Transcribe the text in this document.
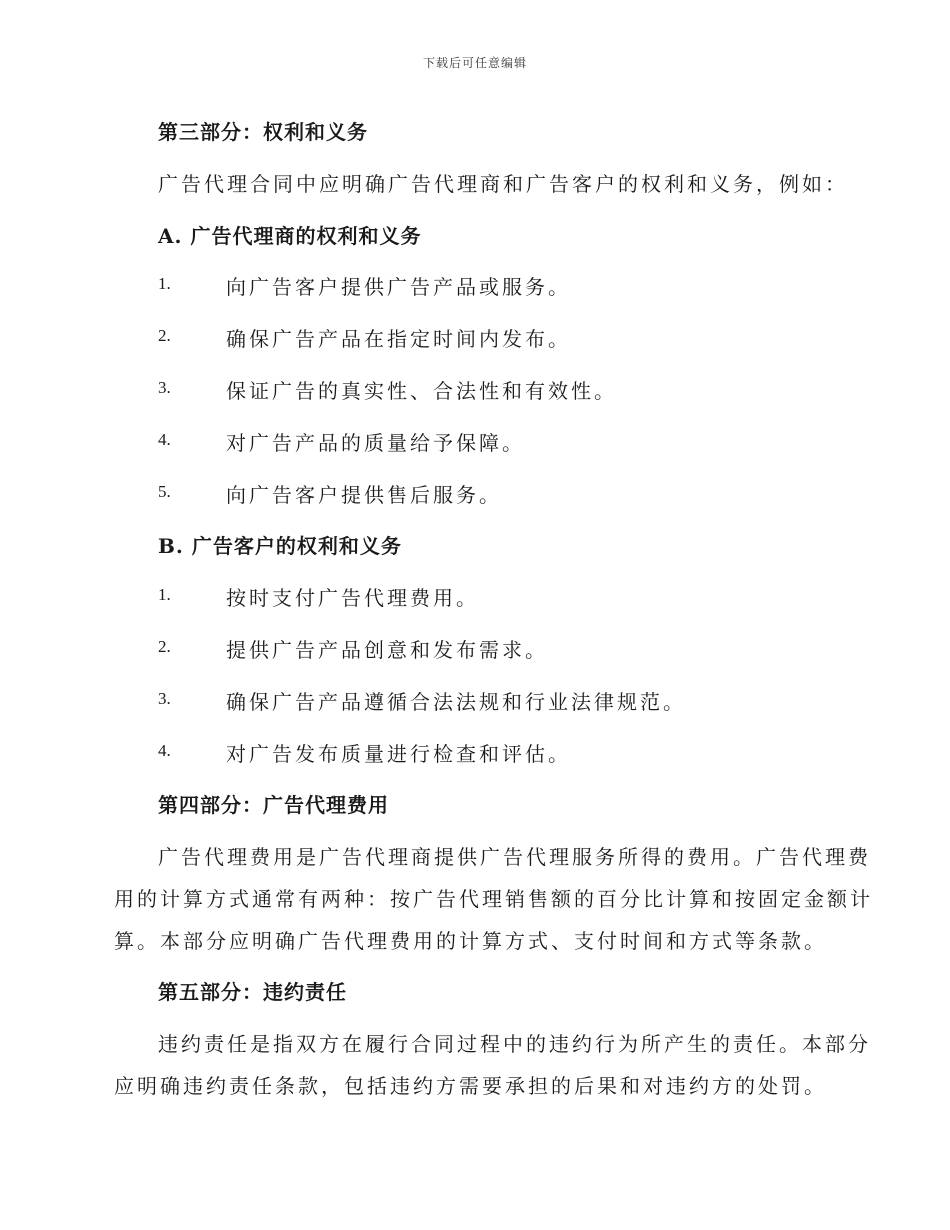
下载后可任意编辑
第三部分：权利和义务
广告代理合同中应明确广告代理商和广告客户的权利和义务，例如：
A. 广告代理商的权利和义务
1.	向广告客户提供广告产品或服务。
2.	确保广告产品在指定时间内发布。
3.	保证广告的真实性、合法性和有效性。
4.	对广告产品的质量给予保障。
5.	向广告客户提供售后服务。
B. 广告客户的权利和义务
1.	按时支付广告代理费用。
2.	提供广告产品创意和发布需求。
3.	确保广告产品遵循合法法规和行业法律规范。
4.	对广告发布质量进行检查和评估。
第四部分：广告代理费用
广告代理费用是广告代理商提供广告代理服务所得的费用。广告代理费
用的计算方式通常有两种：按广告代理销售额的百分比计算和按固定金额计
算。本部分应明确广告代理费用的计算方式、支付时间和方式等条款。
第五部分：违约责任
违约责任是指双方在履行合同过程中的违约行为所产生的责任。本部分
应明确违约责任条款，包括违约方需要承担的后果和对违约方的处罚。
